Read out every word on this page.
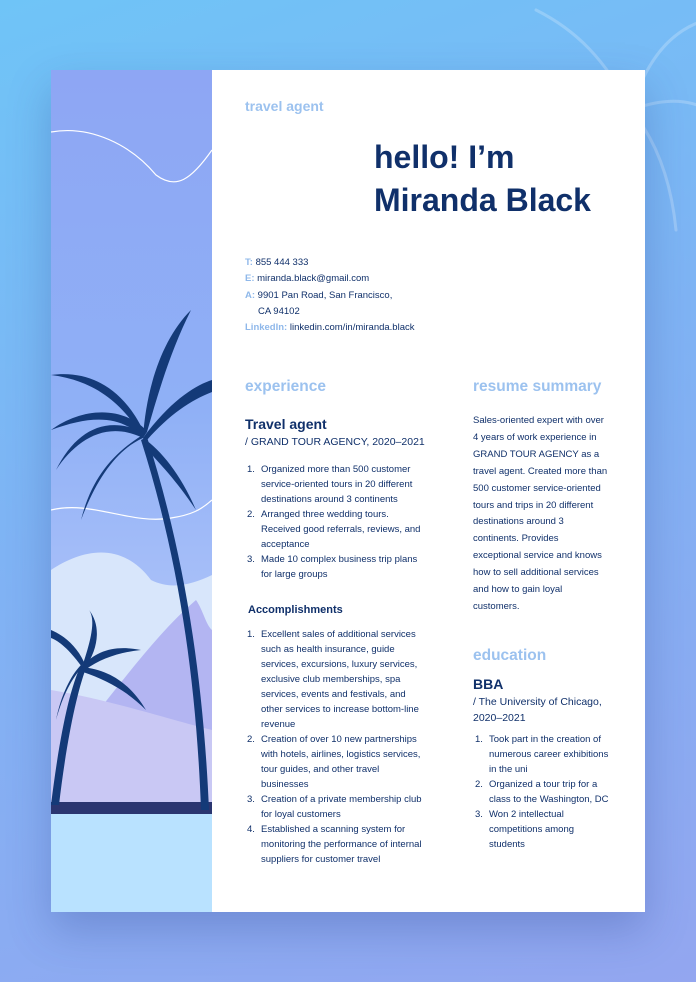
travel agent
hello! I’m
Miranda Black
T: 855 444 333
E: miranda.black@gmail.com
A: 9901 Pan Road, San Francisco,
CA 94102
LinkedIn: linkedin.com/in/miranda.black
experience
Travel agent
/ GRAND TOUR AGENCY, 2020–2021
1. Organized more than 500 customer
service-oriented tours in 20 different
destinations around 3 continents
2. Arranged three wedding tours.
Received good referrals, reviews, and
acceptance
3. Made 10 complex business trip plans
for large groups
Accomplishments
1. Excellent sales of additional services
such as health insurance, guide
services, excursions, luxury services,
exclusive club memberships, spa
services, events and festivals, and
other services to increase bottom-line
revenue
2. Creation of over 10 new partnerships
with hotels, airlines, logistics services,
tour guides, and other travel
businesses
3. Creation of a private membership club
for loyal customers
4. Established a scanning system for
monitoring the performance of internal
suppliers for customer travel
resume summary
Sales-oriented expert with over
4 years of work experience in
GRAND TOUR AGENCY as a
travel agent. Created more than
500 customer service-oriented
tours and trips in 20 different
destinations around 3
continents. Provides
exceptional service and knows
how to sell additional services
and how to gain loyal
customers.
education
BBA
/ The University of Chicago,
2020–2021
1. Took part in the creation of
numerous career exhibitions
in the uni
2. Organized a tour trip for a
class to the Washington, DC
3. Won 2 intellectual
competitions among
students
